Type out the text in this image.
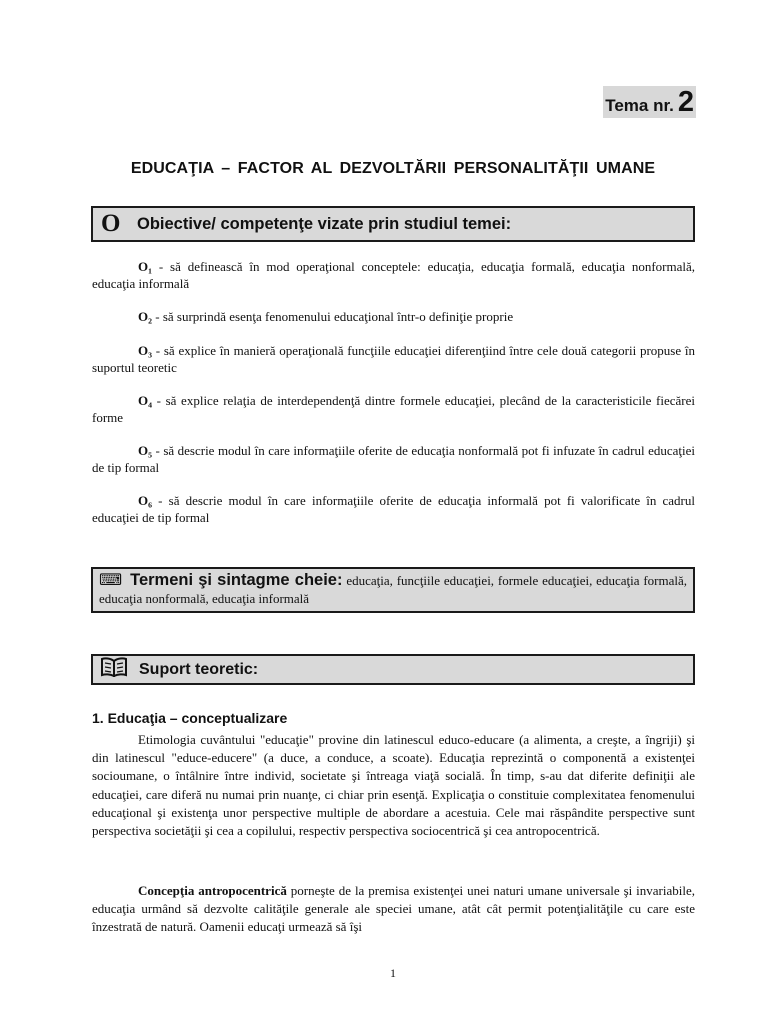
Tema nr. 2
EDUCAŢIA – FACTOR AL DEZVOLTĂRII PERSONALITĂŢII UMANE
O	Obiective/ competenţe vizate prin studiul temei:
O₁ - să definească în mod operaţional conceptele: educaţia, educaţia formală, educaţia nonformală, educaţia informală
O₂ - să surprindă esenţa fenomenului educaţional într-o definiţie proprie
O₃ - să explice în manieră operaţională funcţiile educaţiei diferenţiind între cele două categorii propuse în suportul teoretic
O₄ - să explice relaţia de interdependenţă dintre formele educaţiei, plecând de la caracteristicile fiecărei forme
O₅ - să descrie modul în care informaţiile oferite de educaţia nonformală pot fi infuzate în cadrul educaţiei de tip formal
O₆ - să descrie modul în care informaţiile oferite de educaţia informală pot fi valorificate în cadrul educaţiei de tip formal
⌨ Termeni şi sintagme cheie: educaţia, funcţiile educaţiei, formele educaţiei, educaţia formală, educaţia nonformală, educaţia informală
Suport teoretic:
1. Educaţia – conceptualizare
Etimologia cuvântului "educaţie" provine din latinescul educo-educare (a alimenta, a creşte, a îngriji) şi din latinescul "educe-educere" (a duce, a conduce, a scoate). Educaţia reprezintă o componentă a existenţei socioumane, o întâlnire între individ, societate şi întreaga viaţă socială. În timp, s-au dat diferite definiţii ale educaţiei, care diferă nu numai prin nuanţe, ci chiar prin esenţă. Explicaţia o constituie complexitatea fenomenului educaţional şi existenţa unor perspective multiple de abordare a acestuia. Cele mai răspândite perspective sunt perspectiva societăţii şi cea a copilului, respectiv perspectiva sociocentrică şi cea antropocentrică.
Concepţia antropocentrică porneşte de la premisa existenţei unei naturi umane universale şi invariabile, educaţia urmând să dezvolte calităţile generale ale speciei umane, atât cât permit potenţialităţile cu care este înzestrată de natură. Oamenii educaţi urmează să îşi
1
